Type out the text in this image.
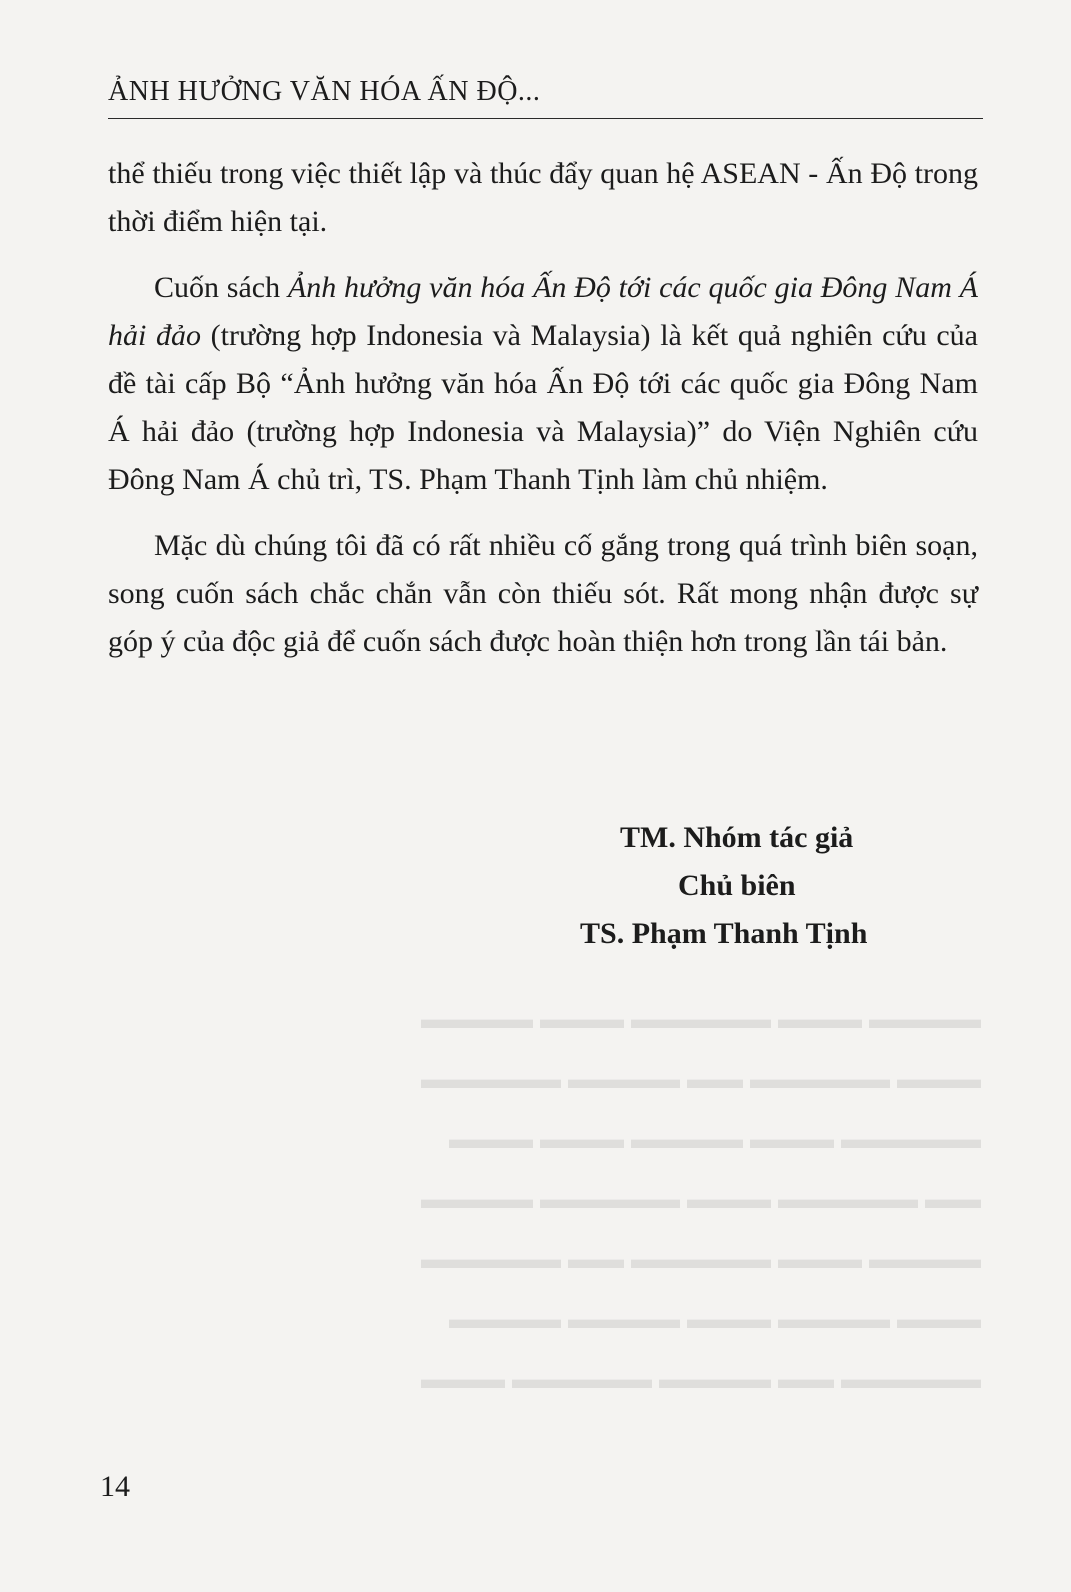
▬▬▬▬ ▬▬▬ ▬▬▬▬▬ ▬▬▬ ▬▬▬▬
▬▬▬ ▬▬▬▬▬ ▬▬ ▬▬▬▬ ▬▬▬▬▬
▬▬▬▬▬ ▬▬▬ ▬▬▬▬ ▬▬▬ ▬▬▬
▬▬ ▬▬▬▬▬ ▬▬▬ ▬▬▬▬▬ ▬▬▬▬
▬▬▬▬ ▬▬▬ ▬▬▬▬▬ ▬▬ ▬▬▬▬▬
▬▬▬ ▬▬▬▬ ▬▬▬ ▬▬▬▬ ▬▬▬▬
▬▬▬▬▬ ▬▬ ▬▬▬▬ ▬▬▬▬▬ ▬▬▬

ẢNH HƯỞNG VĂN HÓA ẤN ĐỘ...

thể thiếu trong việc thiết lập và thúc đẩy quan hệ ASEAN - Ấn Độ trong thời điểm hiện tại.

Cuốn sách Ảnh hưởng văn hóa Ấn Độ tới các quốc gia Đông Nam Á hải đảo (trường hợp Indonesia và Malaysia) là kết quả nghiên cứu của đề tài cấp Bộ “Ảnh hưởng văn hóa Ấn Độ tới các quốc gia Đông Nam Á hải đảo (trường hợp Indonesia và Malaysia)” do Viện Nghiên cứu Đông Nam Á chủ trì, TS. Phạm Thanh Tịnh làm chủ nhiệm.

Mặc dù chúng tôi đã có rất nhiều cố gắng trong quá trình biên soạn, song cuốn sách chắc chắn vẫn còn thiếu sót. Rất mong nhận được sự góp ý của độc giả để cuốn sách được hoàn thiện hơn trong lần tái bản.

TM. Nhóm tác giả
Chủ biên
TS. Phạm Thanh Tịnh
14
